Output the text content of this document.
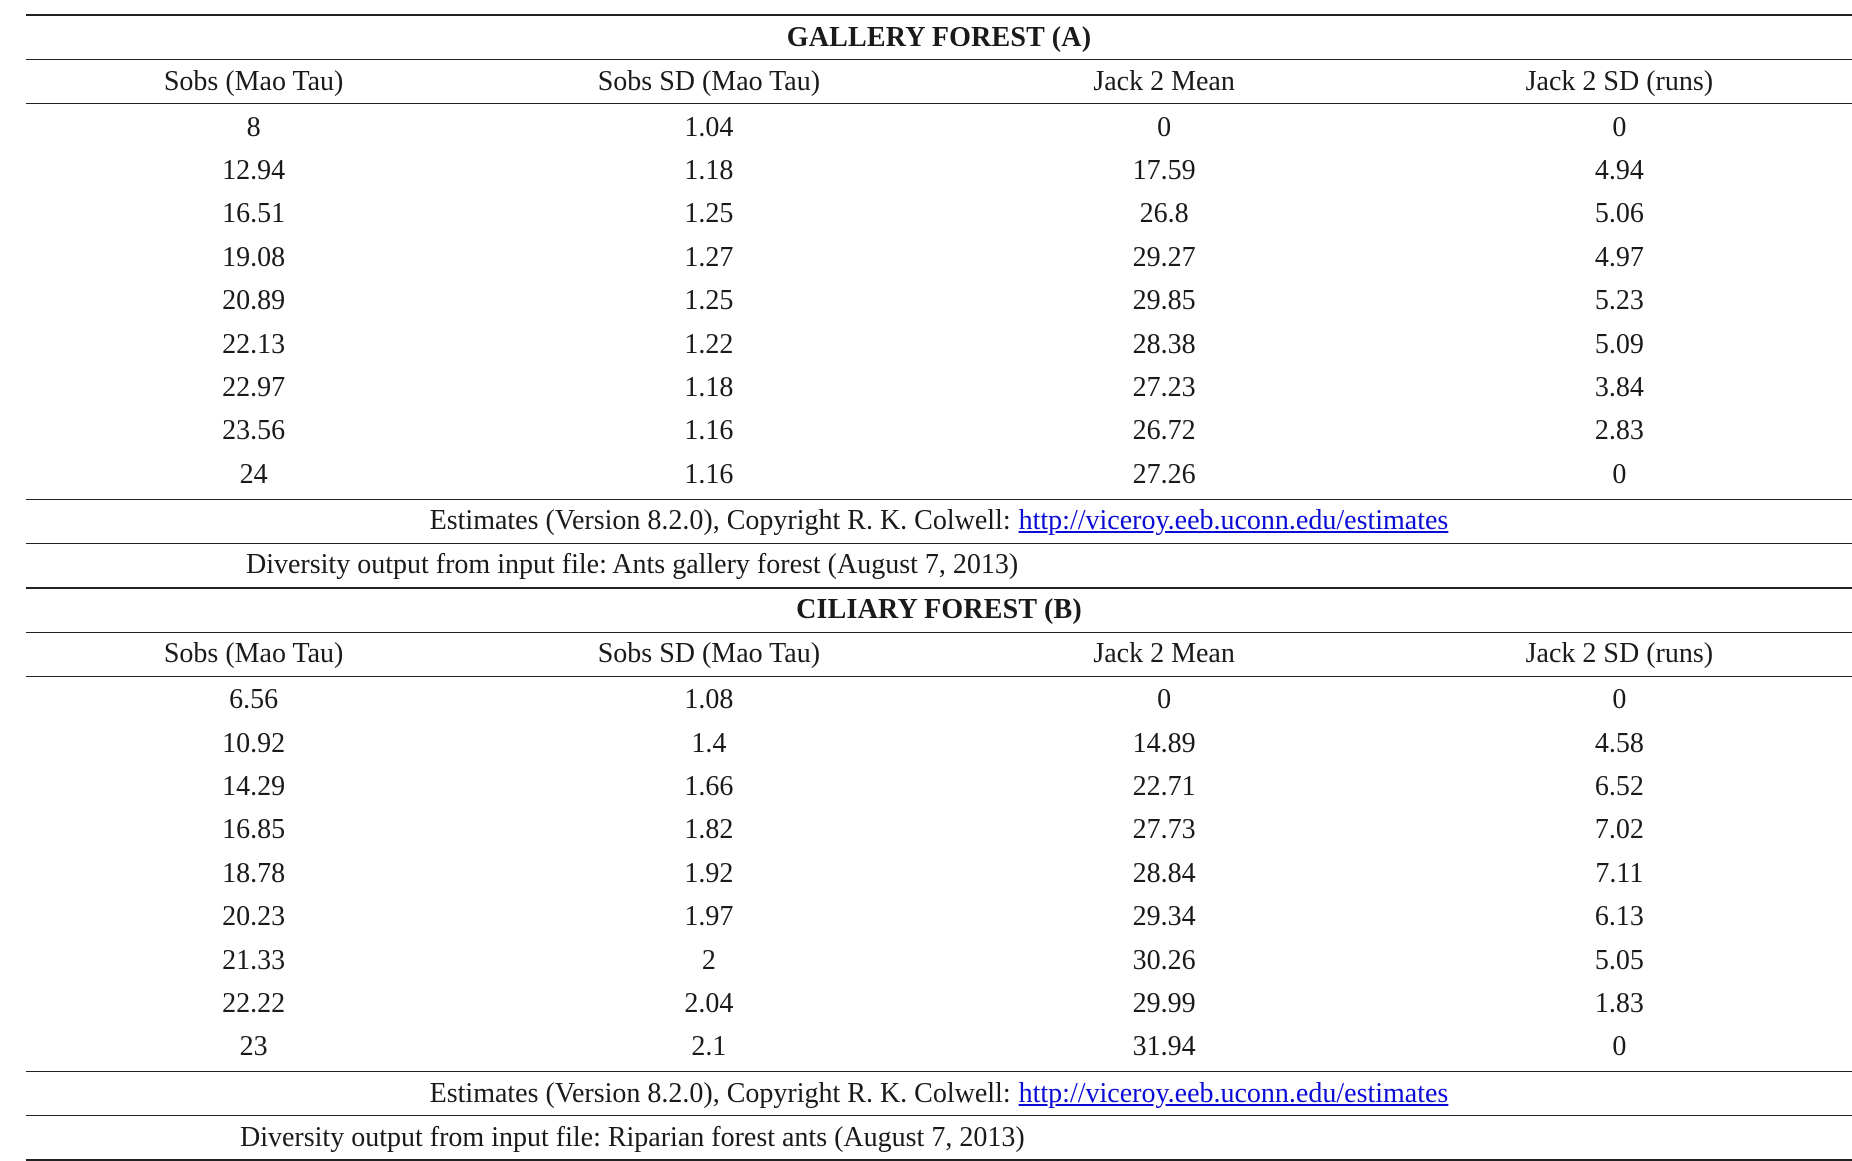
GALLERY FOREST (A)
Sobs (Mao Tau)	Sobs SD (Mao Tau)	Jack 2 Mean	Jack 2 SD (runs)
8	1.04	0	0
12.94	1.18	17.59	4.94
16.51	1.25	26.8	5.06
19.08	1.27	29.27	4.97
20.89	1.25	29.85	5.23
22.13	1.22	28.38	5.09
22.97	1.18	27.23	3.84
23.56	1.16	26.72	2.83
24	1.16	27.26	0
Estimates (Version 8.2.0), Copyright R. K. Colwell: http://viceroy.eeb.uconn.edu/estimates
Diversity output from input file: Ants gallery forest (August 7, 2013)
CILIARY FOREST (B)
Sobs (Mao Tau)	Sobs SD (Mao Tau)	Jack 2 Mean	Jack 2 SD (runs)
6.56	1.08	0	0
10.92	1.4	14.89	4.58
14.29	1.66	22.71	6.52
16.85	1.82	27.73	7.02
18.78	1.92	28.84	7.11
20.23	1.97	29.34	6.13
21.33	2	30.26	5.05
22.22	2.04	29.99	1.83
23	2.1	31.94	0
Estimates (Version 8.2.0), Copyright R. K. Colwell: http://viceroy.eeb.uconn.edu/estimates
Diversity output from input file: Riparian forest ants (August 7, 2013)
